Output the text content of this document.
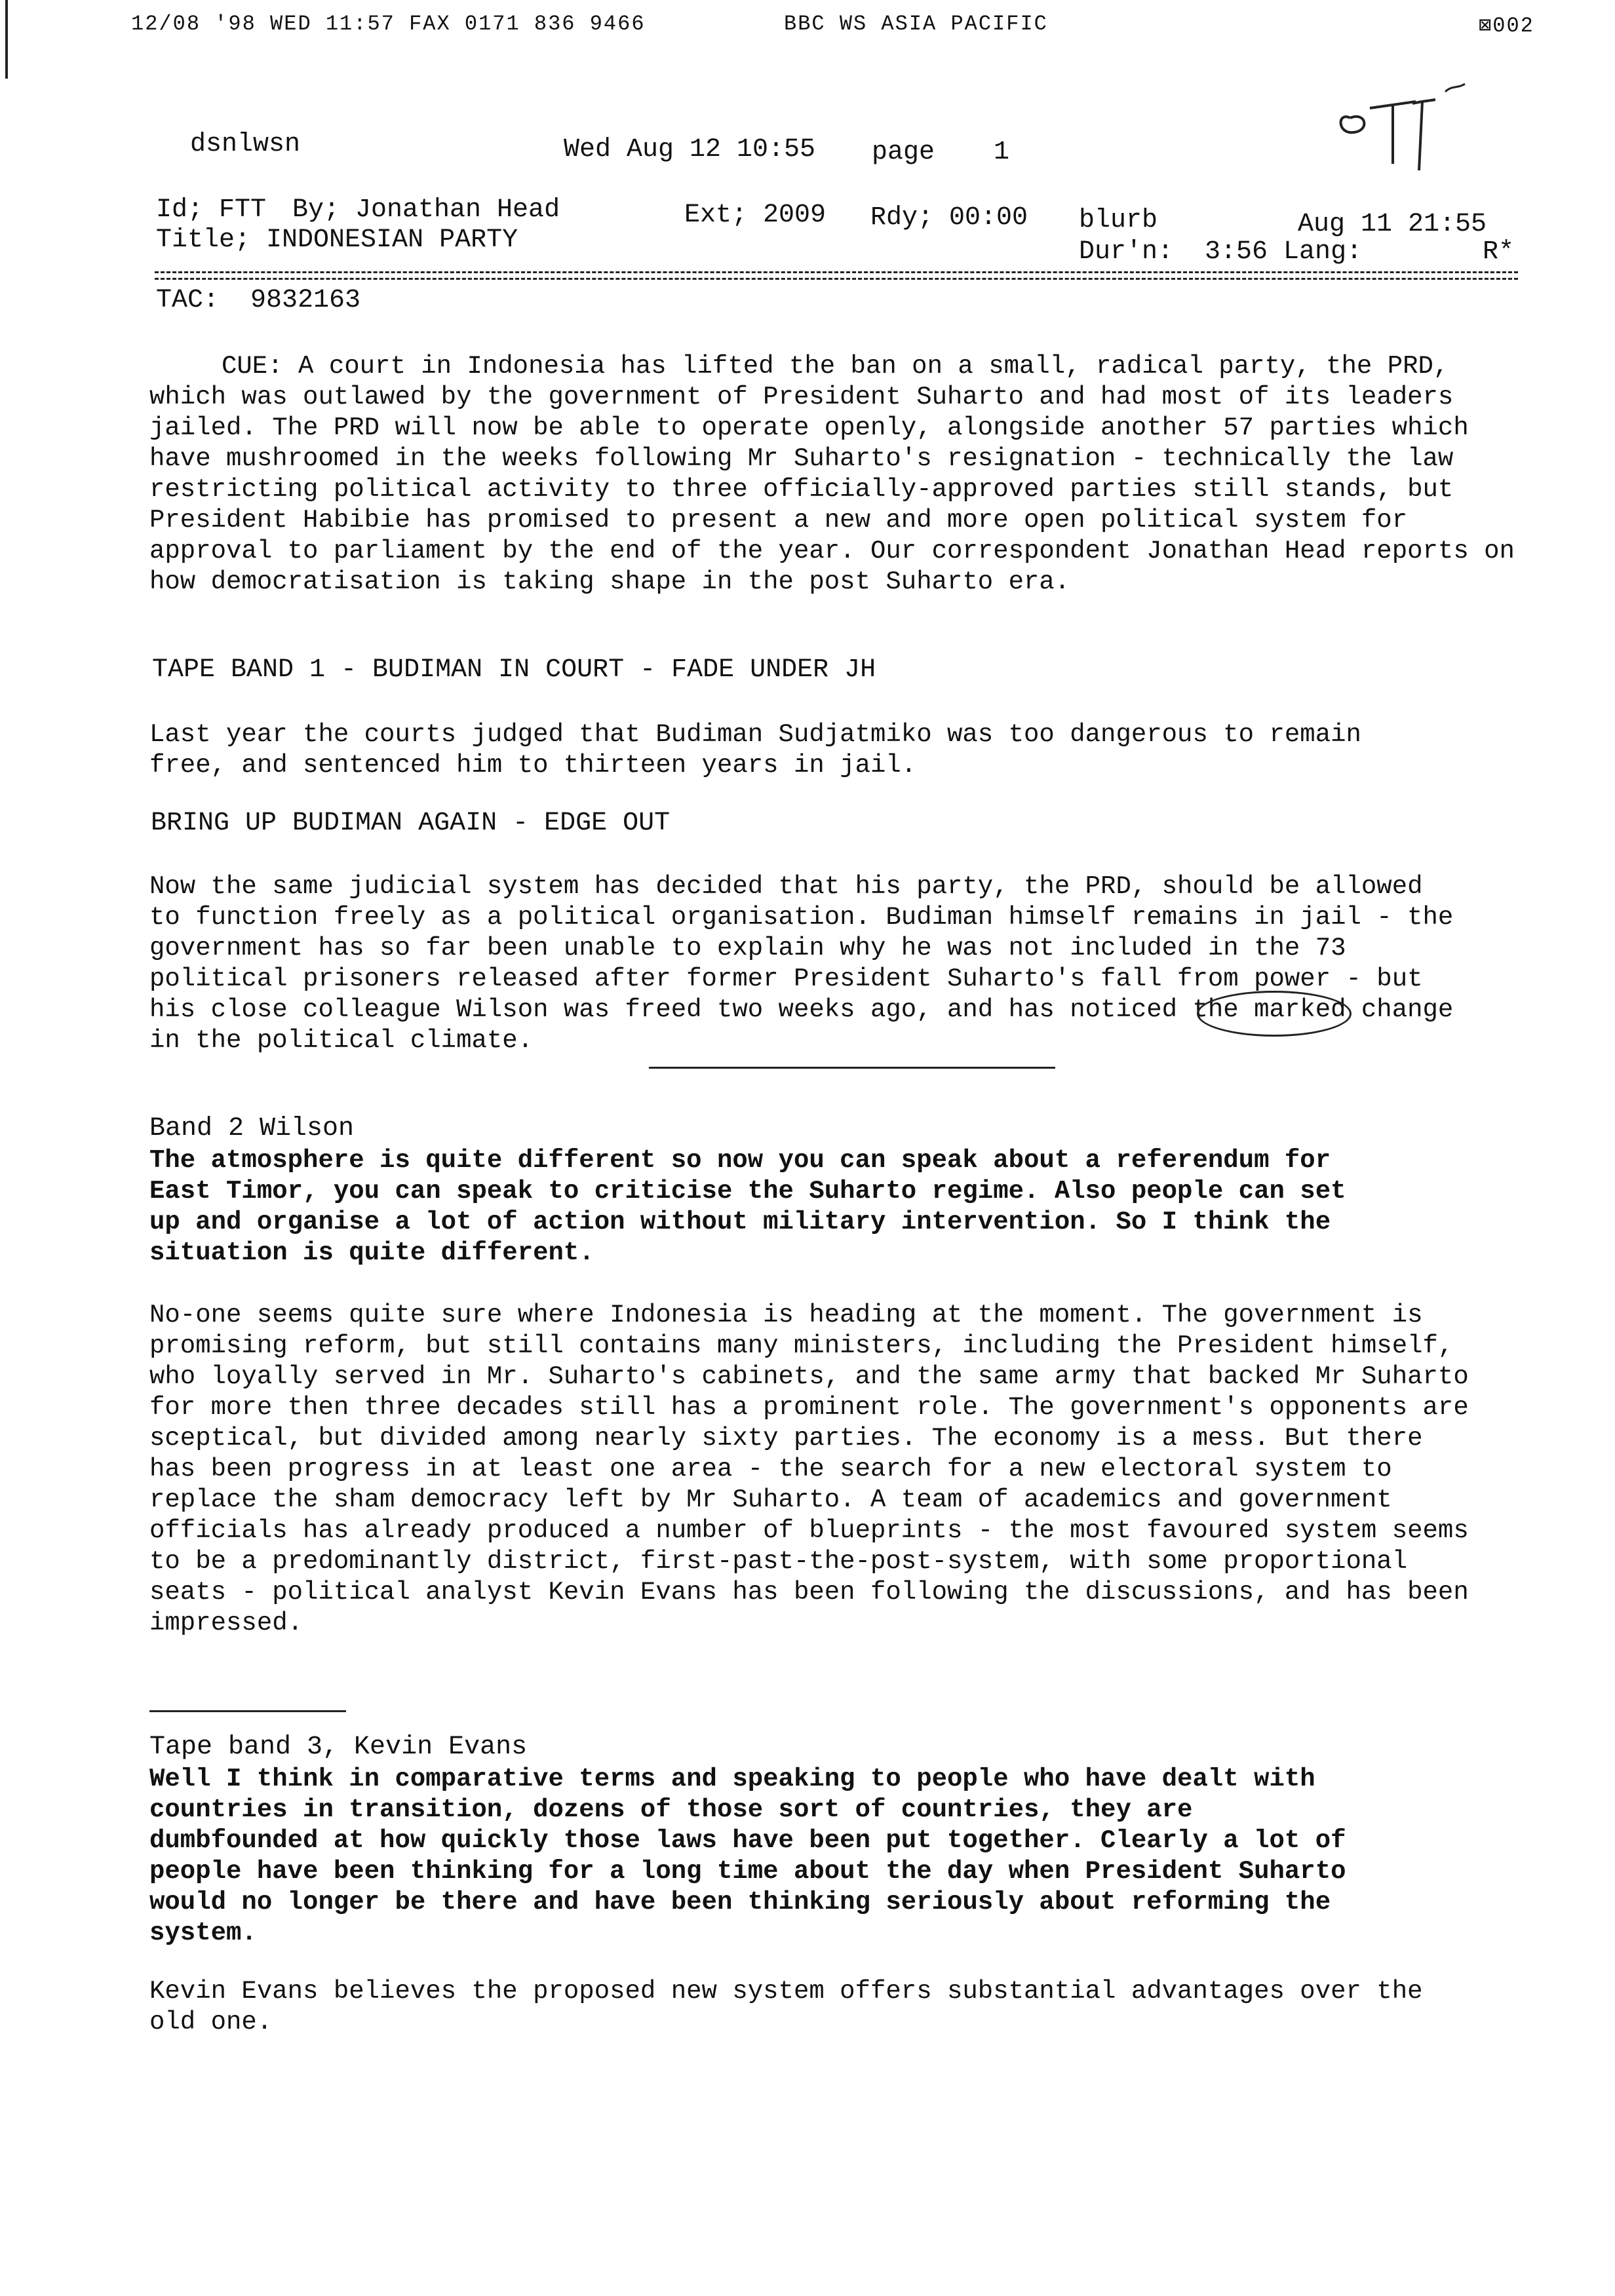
12/08 '98 WED 11:57 FAX 0171 836 9466	BBC WS ASIA PACIFIC	⊠002
dsnlwsn	Wed Aug 12 10:55 page 1
Id; FTT By; Jonathan Head	Ext; 2009 Rdy; 00:00 blurb	Aug 11 21:55
Title; INDONESIAN PARTY	Dur'n:  3:56 Lang:	R*
TAC:  9832163

CUE: A court in Indonesia has lifted the ban on a small, radical party, the PRD, which was outlawed by the government of President Suharto and had most of its leaders jailed. The PRD will now be able to operate openly, alongside another 57 parties which have mushroomed in the weeks following Mr Suharto's resignation - technically the law restricting political activity to three officially-approved parties still stands, but President Habibie has promised to present a new and more open political system for approval to parliament by the end of the year. Our correspondent Jonathan Head reports on how democratisation is taking shape in the post Suharto era.

TAPE BAND 1 - BUDIMAN IN COURT - FADE UNDER JH

Last year the courts judged that Budiman Sudjatmiko was too dangerous to remain free, and sentenced him to thirteen years in jail.

BRING UP BUDIMAN AGAIN - EDGE OUT

Now the same judicial system has decided that his party, the PRD, should be allowed to function freely as a political organisation. Budiman himself remains in jail - the government has so far been unable to explain why he was not included in the 73 political prisoners released after former President Suharto's fall from power - but his close colleague Wilson was freed two weeks ago, and has noticed the marked change in the political climate.

Band 2 Wilson
The atmosphere is quite different so now you can speak about a referendum for
East Timor, you can speak to criticise the Suharto regime. Also people can set
up and organise a lot of action without military intervention. So I think the
situation is quite different.

No-one seems quite sure where Indonesia is heading at the moment. The government is promising reform, but still contains many ministers, including the President himself, who loyally served in Mr. Suharto's cabinets, and the same army that backed Mr Suharto for more then three decades still has a prominent role. The government's opponents are sceptical, but divided among nearly sixty parties. The economy is a mess. But there has been progress in at least one area - the search for a new electoral system to replace the sham democracy left by Mr Suharto. A team of academics and government officials has already produced a number of blueprints - the most favoured system seems to be a predominantly district, first-past-the-post-system, with some proportional seats - political analyst Kevin Evans has been following the discussions, and has been impressed.

Tape band 3, Kevin Evans
Well I think in comparative terms and speaking to people who have dealt with
countries in transition, dozens of those sort of countries, they are
dumbfounded at how quickly those laws have been put together. Clearly a lot of
people have been thinking for a long time about the day when President Suharto
would no longer be there and have been thinking seriously about reforming the
system.

Kevin Evans believes the proposed new system offers substantial advantages over the old one.
